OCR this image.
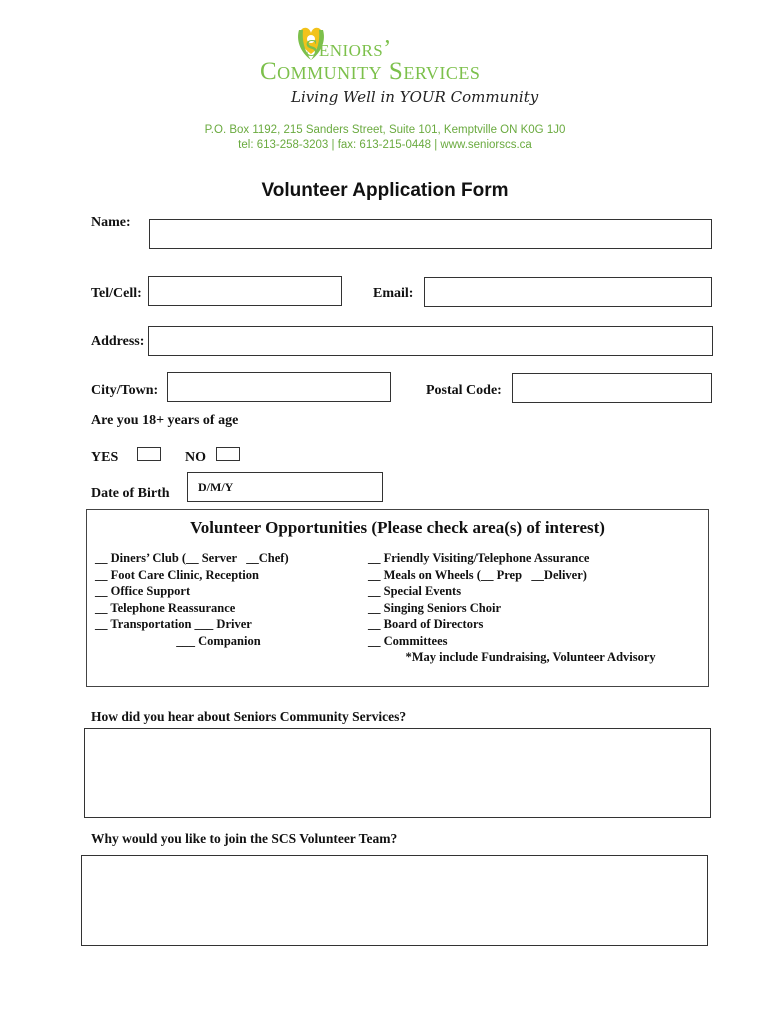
Seniors’
Community Services
Living Well in YOUR Community
P.O. Box 1192, 215 Sanders Street, Suite 101, Kemptville ON K0G 1J0
tel: 613-258-3203 | fax: 613-215-0448 | www.seniorscs.ca
Volunteer Application Form
Name:
Tel/Cell:	Email:
Address:
City/Town:	Postal Code:
Are you 18+ years of age
YES	NO
Date of Birth D/M/Y
Volunteer Opportunities (Please check area(s) of interest)
__ Diners’ Club (__ Server   __Chef)
__ Foot Care Clinic, Reception
__ Office Support
__ Telephone Reassurance
__ Transportation ___ Driver
___ Companion
__ Friendly Visiting/Telephone Assurance
__ Meals on Wheels (__ Prep   __Deliver)
__ Special Events
__ Singing Seniors Choir
__ Board of Directors
__ Committees
*May include Fundraising, Volunteer Advisory
How did you hear about Seniors Community Services?
Why would you like to join the SCS Volunteer Team?
